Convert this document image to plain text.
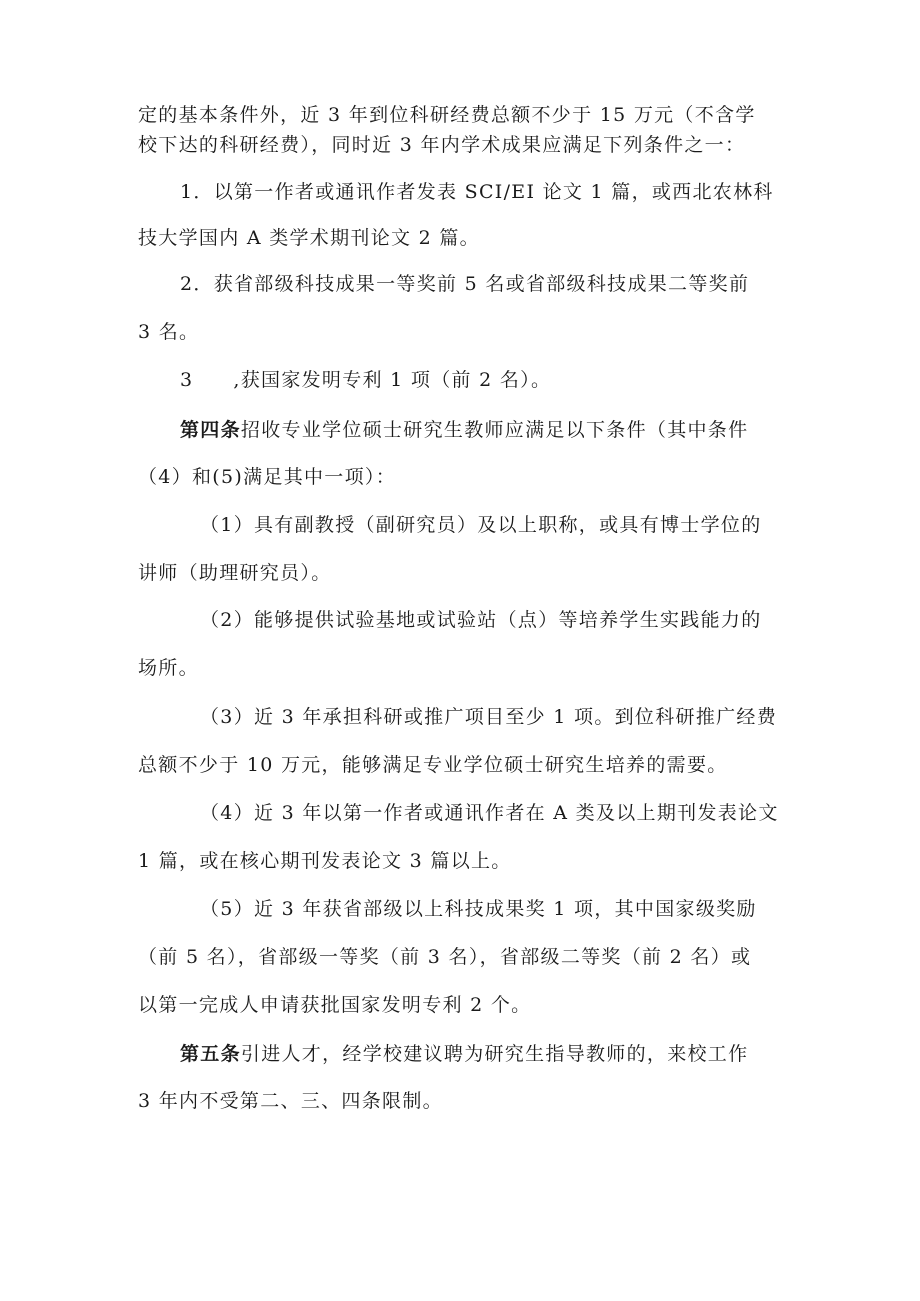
定的基本条件外，近 3 年到位科研经费总额不少于 15 万元（不含学
校下达的科研经费），同时近 3 年内学术成果应满足下列条件之一：
1．以第一作者或通讯作者发表 SCI/EI 论文 1 篇，或西北农林科
技大学国内 A 类学术期刊论文 2 篇。
2．获省部级科技成果一等奖前 5 名或省部级科技成果二等奖前
3 名。
3 ,获国家发明专利 1 项（前 2 名）。
第四条招收专业学位硕士研究生教师应满足以下条件（其中条件
（4）和(5)满足其中一项）：
（1）具有副教授（副研究员）及以上职称，或具有博士学位的
讲师（助理研究员）。
（2）能够提供试验基地或试验站（点）等培养学生实践能力的
场所。
（3）近 3 年承担科研或推广项目至少 1 项。到位科研推广经费
总额不少于 10 万元，能够满足专业学位硕士研究生培养的需要。
（4）近 3 年以第一作者或通讯作者在 A 类及以上期刊发表论文
1 篇，或在核心期刊发表论文 3 篇以上。
（5）近 3 年获省部级以上科技成果奖 1 项，其中国家级奖励
（前 5 名），省部级一等奖（前 3 名），省部级二等奖（前 2 名）或
以第一完成人申请获批国家发明专利 2 个。
第五条引进人才，经学校建议聘为研究生指导教师的，来校工作
3 年内不受第二、三、四条限制。
